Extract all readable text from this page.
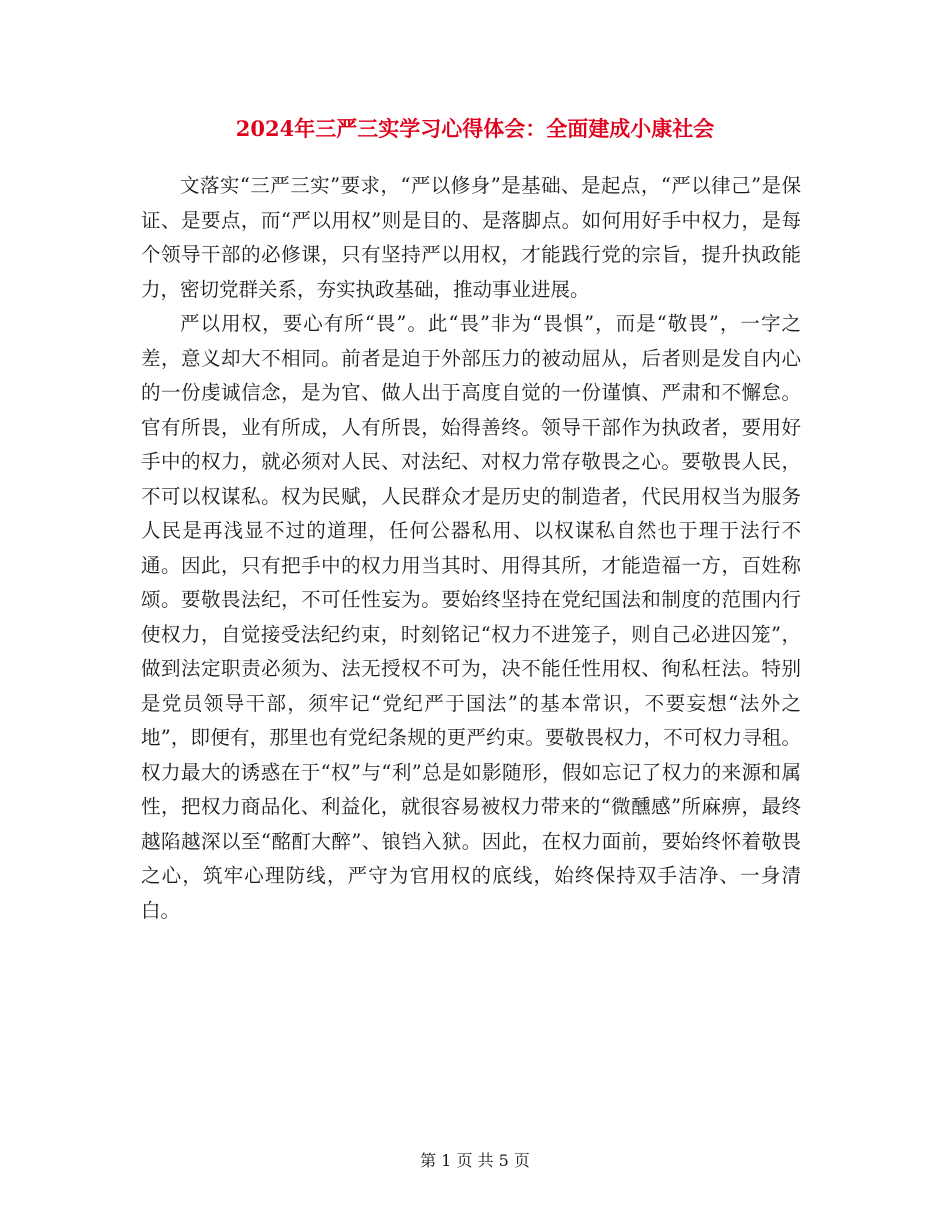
2024年三严三实学习心得体会：全面建成小康社会

文落实“三严三实”要求，“严以修身”是基础、是起点，“严以律己”是保证、是要点，而“严以用权”则是目的、是落脚点。如何用好手中权力，是每个领导干部的必修课，只有坚持严以用权，才能践行党的宗旨，提升执政能力，密切党群关系，夯实执政基础，推动事业进展。

严以用权，要心有所“畏”。此“畏”非为“畏惧”，而是“敬畏”，一字之差，意义却大不相同。前者是迫于外部压力的被动屈从，后者则是发自内心的一份虔诚信念，是为官、做人出于高度自觉的一份谨慎、严肃和不懈怠。官有所畏，业有所成，人有所畏，始得善终。领导干部作为执政者，要用好手中的权力，就必须对人民、对法纪、对权力常存敬畏之心。要敬畏人民，不可以权谋私。权为民赋，人民群众才是历史的制造者，代民用权当为服务人民是再浅显不过的道理，任何公器私用、以权谋私自然也于理于法行不通。因此，只有把手中的权力用当其时、用得其所，才能造福一方，百姓称颂。要敬畏法纪，不可任性妄为。要始终坚持在党纪国法和制度的范围内行使权力，自觉接受法纪约束，时刻铭记“权力不进笼子，则自己必进囚笼”，做到法定职责必须为、法无授权不可为，决不能任性用权、徇私枉法。特别是党员领导干部，须牢记“党纪严于国法”的基本常识，不要妄想“法外之地”，即便有，那里也有党纪条规的更严约束。要敬畏权力，不可权力寻租。权力最大的诱惑在于“权”与“利”总是如影随形，假如忘记了权力的来源和属性，把权力商品化、利益化，就很容易被权力带来的“微醺感”所麻痹，最终越陷越深以至“酩酊大醉”、锒铛入狱。因此，在权力面前，要始终怀着敬畏之心，筑牢心理防线，严守为官用权的底线，始终保持双手洁净、一身清白。

第 1 页 共 5 页
